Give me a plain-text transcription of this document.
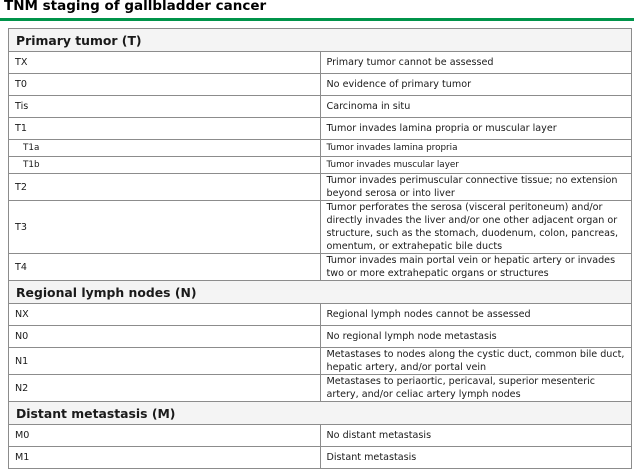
TNM staging of gallbladder cancer
Primary tumor (T)	
TX	Primary tumor cannot be assessed
T0	No evidence of primary tumor
Tis	Carcinoma in situ
T1	Tumor invades lamina propria or muscular layer
T1a	Tumor invades lamina propria
T1b	Tumor invades muscular layer
T2	Tumor invades perimuscular connective tissue; no extension beyond serosa or into liver
T3	Tumor perforates the serosa (visceral peritoneum) and/or directly invades the liver and/or one other adjacent organ or structure, such as the stomach, duodenum, colon, pancreas, omentum, or extrahepatic bile ducts
T4	Tumor invades main portal vein or hepatic artery or invades two or more extrahepatic organs or structures
Regional lymph nodes (N)	
NX	Regional lymph nodes cannot be assessed
N0	No regional lymph node metastasis
N1	Metastases to nodes along the cystic duct, common bile duct, hepatic artery, and/or portal vein
N2	Metastases to periaortic, pericaval, superior mesenteric artery, and/or celiac artery lymph nodes
Distant metastasis (M)	
M0	No distant metastasis
M1	Distant metastasis
